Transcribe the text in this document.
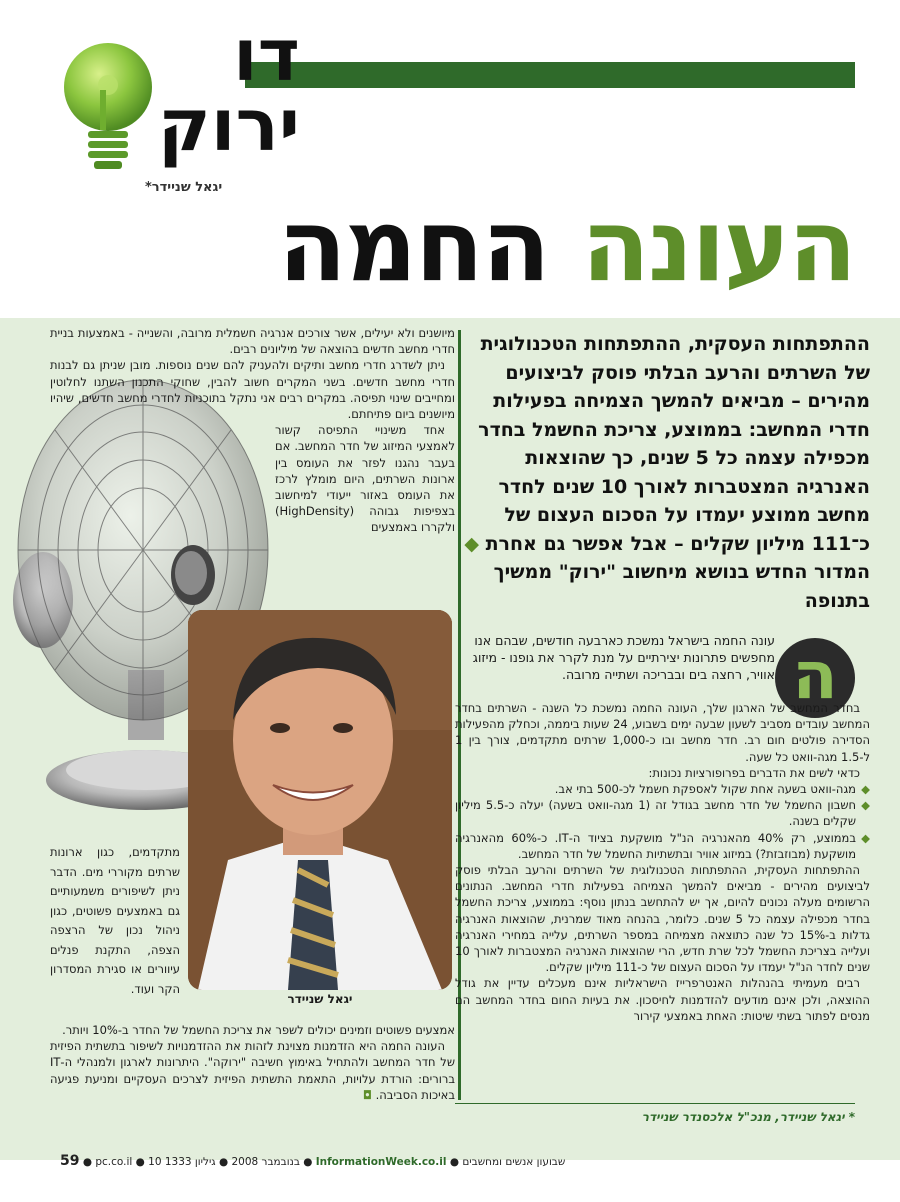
דו ירוק
יגאל שניידר*	העונה החמה
ההתפתחות העסקית, ההתפתחות הטכנולוגית של השרתים והרעב הבלתי פוסק לביצועים מהירים – מביאים להמשך הצמיחה בפעילות חדרי המחשב: בממוצע, צריכת החשמל בחדר מכפילה עצמה כל 5 שנים, כך שהוצאות האנרגיה המצטברות לאורך 10 שנים לחדר מחשב ממוצע יעמדו על הסכום העצום של כ־111 מיליון שקלים – אבל אפשר גם אחרת ◆ המדור החדש בנושא מיחשוב "ירוק" ממשיך בתנופה

מיושנים ולא יעילים, אשר צורכים אנרגיה חשמלית מרובה, והשנייה - באמצעות בניית חדרי מחשב חדשים בהוצאה של מיליונים רבים.

ניתן לשדרג חדרי מחשב ותיקים ולהעניק להם שנים נוספות. מובן שניתן גם לבנות חדרי מחשב חדשים. בשני המקרים חשוב להבין, שחוקי התכנון השתנו לחלוטין ומחייבים שינוי תפיסה. במקרים רבים אני נתקל בתוכניות לחדרי מחשב חדשים, שיהיו מיושנים ביום פתיחתם.

אחד משינויי התפיסה קשור לאמצעי המיזוג של חדר המחשב. אם בעבר נהגנו לפזר את העומס בין ארונות השרתים, היום מומלץ לרכז את העומס באזור ייעודי למיחשוב בצפיפות גבוהה (HighDensity) ולקררו באמצעים

יגאל שניידר

מתקדמים, כגון ארונות שרתים מקוררי מים. הדבר ניתן לשיפורים משמעותיים גם באמצעים פשוטים, כגון ניהול נכון של הרצפה הצפה, התקנת פנלים עיוורים או סגירת המסדרון הקר ועוד.

אמצעים פשוטים וזמינים יכולים לשפר את צריכת החשמל של החדר ב-10% ויותר.

העונה החמה היא הזדמנות מצוינת לזהות את ההזדמנויות לשיפור בתשתית הפיזית של חדר המחשב ולהתחיל באימוץ חשיבה "ירוקה". היתרונות לארגון ולמנהלי ה-IT ברורים: הורדת עלויות, התאמת התשתית הפיזית לצרכים העסקיים ומניעת פגיעה באיכות הסביבה. ◘

ה
עונה החמה בישראל נמשכת כארבעה חודשים, שבהם אנו מחפשים פתרונות יצירתיים על מנת לקרר את גופנו - מיזוג אוויר, רחצה בים ובבריכה ושתייה מרובה.

בחדר המחשב של הארגון שלך, העונה החמה נמשכת כל השנה - השרתים בחדר המחשב עובדים מסביב לשעון שבעה ימים בשבוע, 24 שעות ביממה, וכחלק מהפעילות הסדירה פולטים חום רב. חדר מחשב ובו כ-1,000 שרתים מתקדמים, צורך בין 1 ל-1.5 מגה-וואט כל שעה.

כדאי לשים את הדברים בפרופורציות נכונות:

◆ מגה-וואט בשעה אחת שקול לאספקת חשמל לכ-500 בתי אב.
◆ חשבון החשמל של חדר מחשב בגודל זה (1 מגה-וואט בשעה) יעלה כ-5.5 מיליון שקלים בשנה.
◆ בממוצע, רק 40% מהאנרגיה הנ"ל מושקעת בציוד ה-IT. כ-60% מהאנרגיה מושקעת (מבוזבזת?) במיזוג אוויר ובתשתיות החשמל של חדר המחשב.

ההתפתחות העסקית, ההתפתחות הטכנולוגית של השרתים והרעב הבלתי פוסק לביצועים מהירים - מביאים להמשך הצמיחה בפעילות חדרי המחשב. הנתונים הרשומים מעלה נכונים להיום, אך יש להתחשב בנתון נוסף: בממוצע, צריכת החשמל בחדר מכפילה עצמה כל 5 שנים. כלומר, בהנחה מאוד שמרנית, שהוצאות האנרגיה גדלות ב-15% כל שנה כתוצאה מצמיחה במספר השרתים, עלייה במחירי האנרגיה ועלייה בצריכת החשמל לכל שרת חדש, הרי שהוצאות האנרגיה המצטברות לאורך 10 שנים לחדר הנ"ל יעמדו על הסכום העצום של כ-111 מיליון שקלים.

רבים מעמיתי בהנהלות האנטרפרייז הישראליות אינם מעכלים עדיין את גודל ההוצאה, ולכן אינם מודעים להזדמנות לחיסכון. את בעיות החום בחדר המחשב הם מנסים לפתור בשתי שיטות: האחת באמצעי קירור

* יגאל שניידר, מנכ"ל אלכסנדר שניידר
59 ● pc.co.il ● 10 בנובמבר 2008 ● גיליון 1333	● InformationWeek.co.il ● שבועון אנשים ומחשבים
